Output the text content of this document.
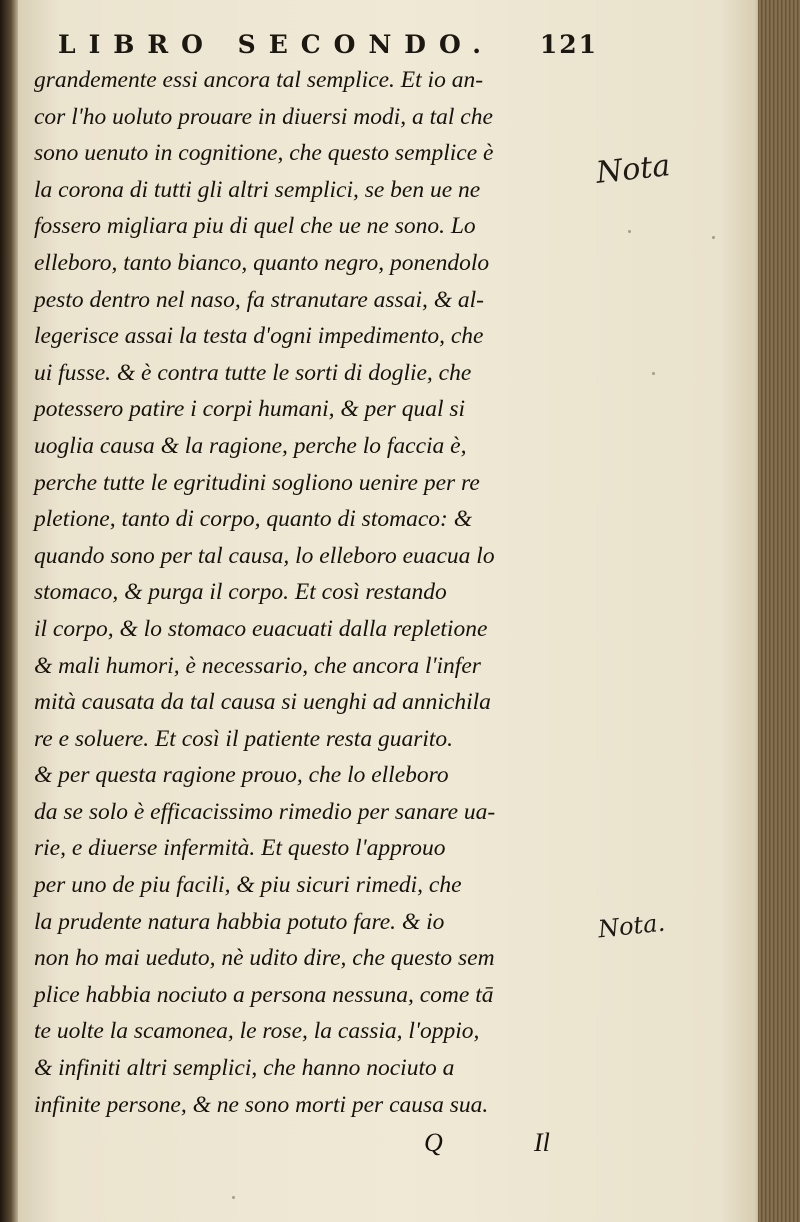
LIBRO SECONDO. 121
grandemente essi ancora tal semplice. Et io an-
cor l'ho uoluto prouare in diuersi modi, a tal che
sono uenuto in cognitione, che questo semplice è
la corona di tutti gli altri semplici, se ben ue ne
fossero migliara piu di quel che ue ne sono. Lo
elleboro, tanto bianco, quanto negro, ponendolo
pesto dentro nel naso, fa stranutare assai, & al-
legerisce assai la testa d'ogni impedimento, che
ui fusse. & è contra tutte le sorti di doglie, che
potessero patire i corpi humani, & per qual si
uoglia causa & la ragione, perche lo faccia è,
perche tutte le egritudini sogliono uenire per re
pletione, tanto di corpo, quanto di stomaco: &
quando sono per tal causa, lo elleboro euacua lo
stomaco, & purga il corpo. Et così restando
il corpo, & lo stomaco euacuati dalla repletione
& mali humori, è necessario, che ancora l'infer
mità causata da tal causa si uenghi ad annichila
re e soluere. Et così il patiente resta guarito.
& per questa ragione prouo, che lo elleboro
da se solo è efficacissimo rimedio per sanare ua-
rie, e diuerse infermità. Et questo l'approuo
per uno de piu facili, & piu sicuri rimedi, che
la prudente natura habbia potuto fare. & io
non ho mai ueduto, nè udito dire, che questo sem
plice habbia nociuto a persona nessuna, come tā
te uolte la scamonea, le rose, la cassia, l'oppio,
& infiniti altri semplici, che hanno nociuto a
infinite persone, & ne sono morti per causa sua.
Q	Il
Nota
Nota.
